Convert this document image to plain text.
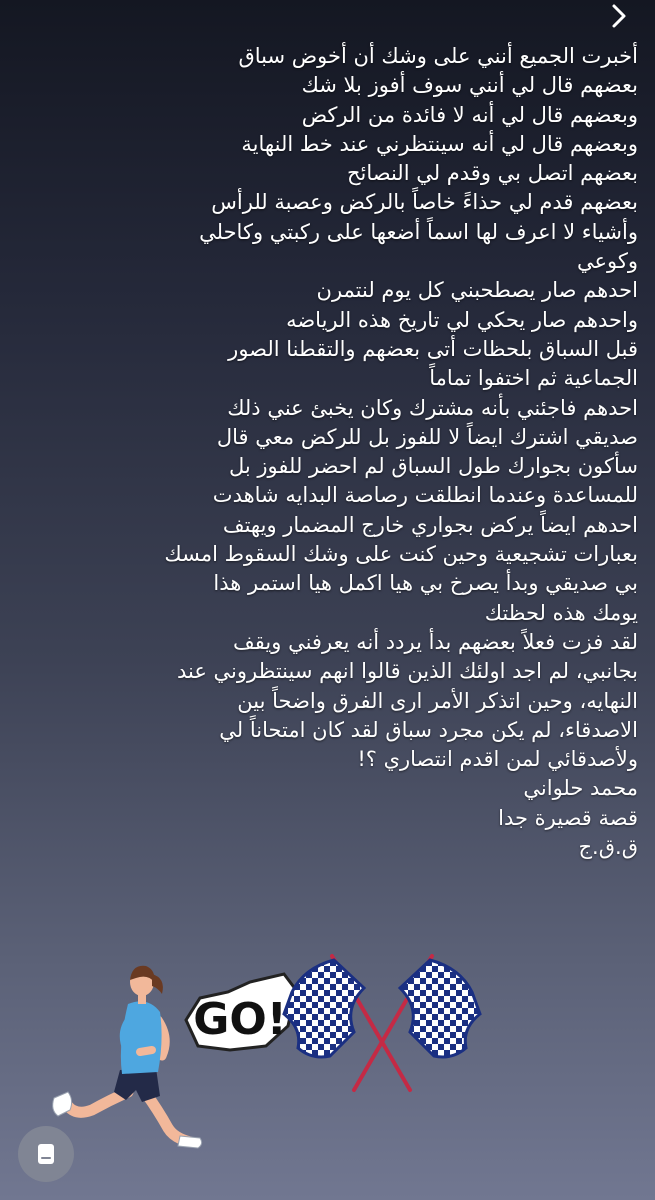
أخبرت الجميع أنني على وشك أن أخوض سباق
بعضهم قال لي أنني سوف أفوز بلا شك
وبعضهم قال لي أنه لا فائدة من الركض
وبعضهم قال لي أنه سينتظرني عند خط النهاية
بعضهم اتصل بي وقدم لي النصائح
بعضهم قدم لي حذاءً خاصاً بالركض وعصبة للرأس
وأشياء لا اعرف لها اسماً أضعها على ركبتي وكاحلي
وكوعي
احدهم صار يصطحبني كل يوم لنتمرن
واحدهم صار يحكي لي تاريخ هذه الرياضه
قبل السباق بلحظات أتى بعضهم والتقطنا الصور
الجماعية ثم اختفوا تماماً
احدهم فاجئني بأنه مشترك وكان يخبئ عني ذلك
صديقي اشترك ايضاً لا للفوز بل للركض معي قال
سأكون بجوارك طول السباق لم احضر للفوز بل
للمساعدة وعندما انطلقت رصاصة البدايه شاهدت
احدهم ايضاً يركض بجواري خارج المضمار ويهتف
بعبارات تشجيعية وحين كنت على وشك السقوط امسك
بي صديقي وبدأ يصرخ بي هيا اكمل هيا استمر هذا
يومك هذه لحظتك
لقد فزت فعلاً بعضهم بدأ يردد أنه يعرفني ويقف
بجانبي، لم اجد اولئك الذين قالوا انهم سينتظروني عند
النهايه، وحين اتذكر الأمر ارى الفرق واضحاً بين
الاصدقاء، لم يكن مجرد سباق لقد كان امتحاناً لي
ولأصدقائي لمن اقدم انتصاري ؟!
محمد حلواني
قصة قصيرة جدا
ق.ق.ج
GO!
